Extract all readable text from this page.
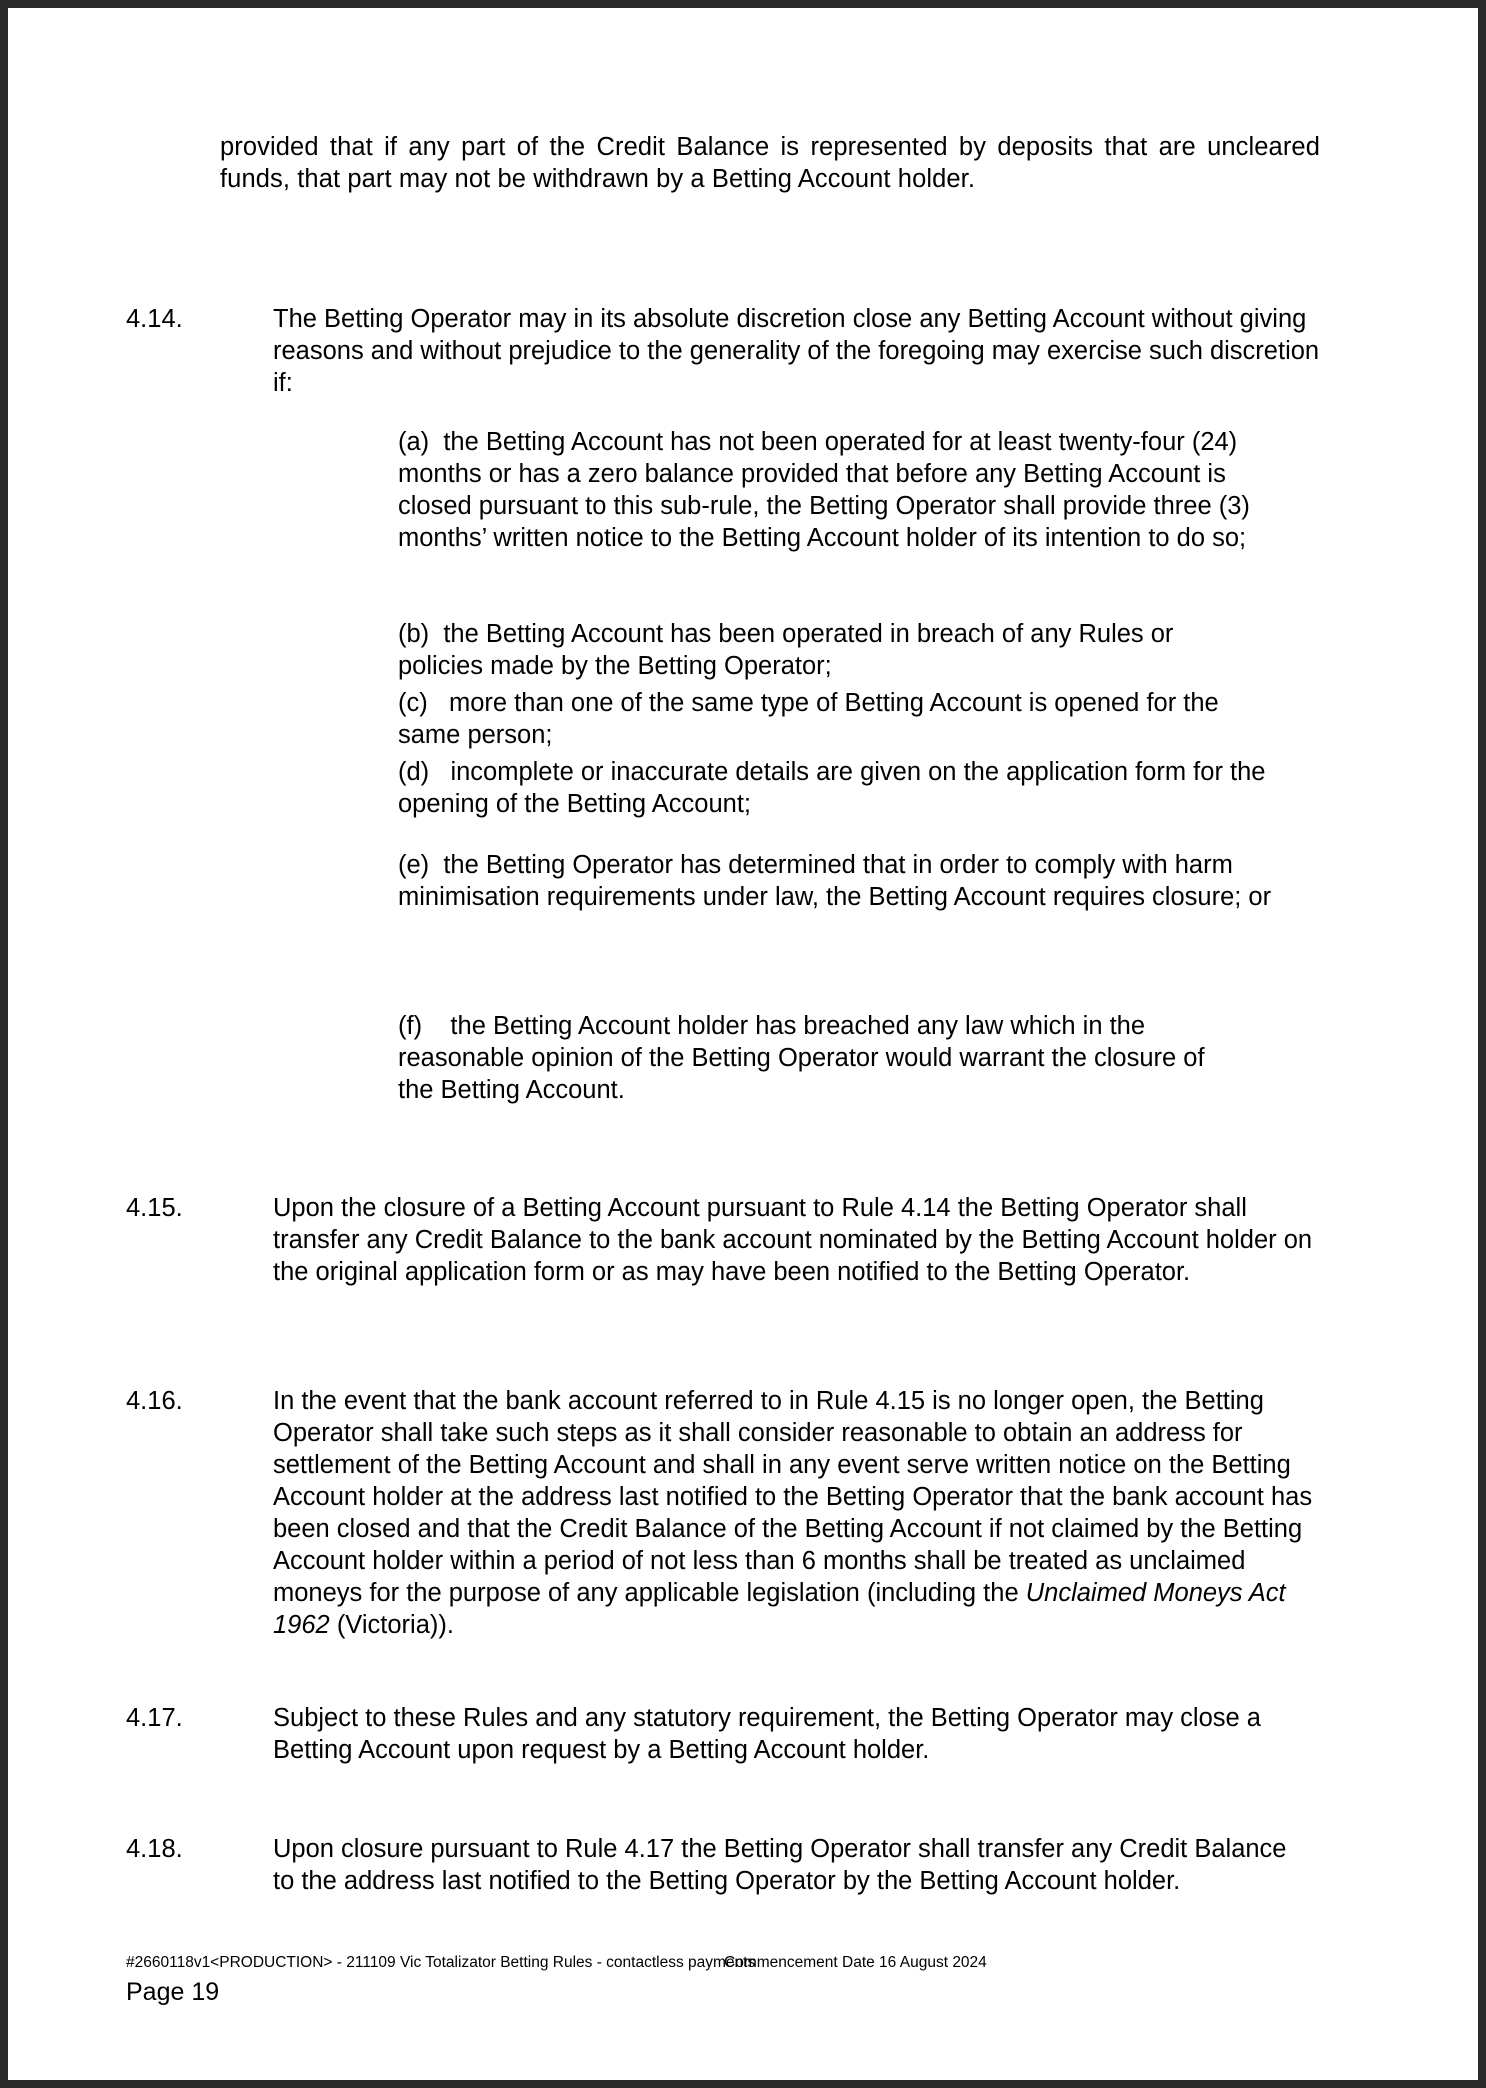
provided that if any part of the Credit Balance is represented by deposits that are uncleared funds, that part may not be withdrawn by a Betting Account holder.
4.14.	The Betting Operator may in its absolute discretion close any Betting Account without giving reasons and without prejudice to the generality of the foregoing may exercise such discretion if:
(a) the Betting Account has not been operated for at least twenty-four (24) months or has a zero balance provided that before any Betting Account is closed pursuant to this sub-rule, the Betting Operator shall provide three (3) months’ written notice to the Betting Account holder of its intention to do so;
(b) the Betting Account has been operated in breach of any Rules or policies made by the Betting Operator;
(c) more than one of the same type of Betting Account is opened for the same person;
(d) incomplete or inaccurate details are given on the application form for the opening of the Betting Account;
(e) the Betting Operator has determined that in order to comply with harm minimisation requirements under law, the Betting Account requires closure; or
(f) the Betting Account holder has breached any law which in the reasonable opinion of the Betting Operator would warrant the closure of the Betting Account.
4.15.	Upon the closure of a Betting Account pursuant to Rule 4.14 the Betting Operator shall transfer any Credit Balance to the bank account nominated by the Betting Account holder on the original application form or as may have been notified to the Betting Operator.
4.16.	In the event that the bank account referred to in Rule 4.15 is no longer open, the Betting Operator shall take such steps as it shall consider reasonable to obtain an address for settlement of the Betting Account and shall in any event serve written notice on the Betting Account holder at the address last notified to the Betting Operator that the bank account has been closed and that the Credit Balance of the Betting Account if not claimed by the Betting Account holder within a period of not less than 6 months shall be treated as unclaimed moneys for the purpose of any applicable legislation (including the Unclaimed Moneys Act 1962 (Victoria)).
4.17.	Subject to these Rules and any statutory requirement, the Betting Operator may close a Betting Account upon request by a Betting Account holder.
4.18.	Upon closure pursuant to Rule 4.17 the Betting Operator shall transfer any Credit Balance to the address last notified to the Betting Operator by the Betting Account holder.
#2660118v1<PRODUCTION> - 211109 Vic Totalizator Betting Rules - contactless payments
Commencement Date 16 August 2024
Page 19
